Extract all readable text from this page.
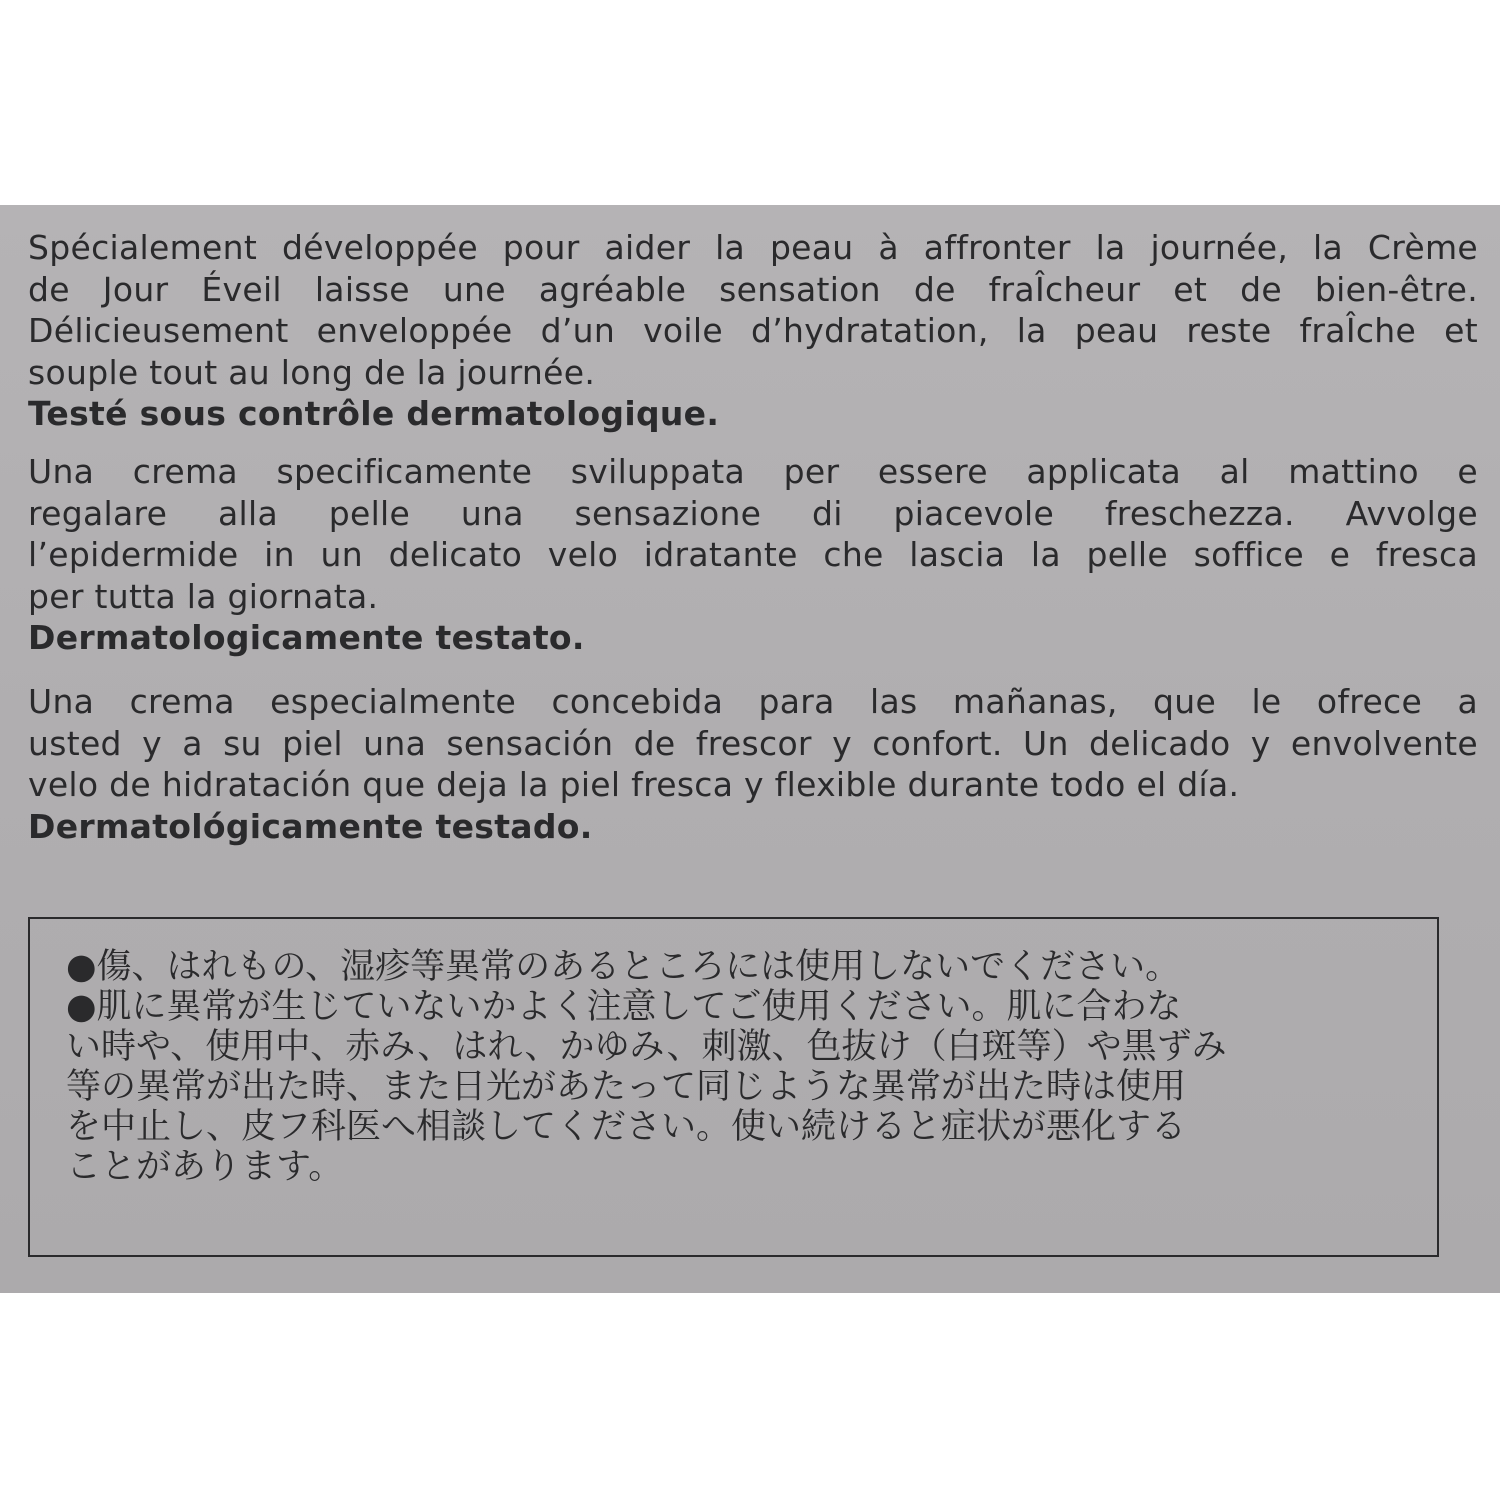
Spécialement développée pour aider la peau à affronter la journée, la Crème
de Jour Éveil laisse une agréable sensation de fraÎcheur et de bien-être.
Délicieusement enveloppée d’un voile d’hydratation, la peau reste fraÎche et
souple tout au long de la journée.
Testé sous contrôle dermatologique.
Una crema specificamente sviluppata per essere applicata al mattino e
regalare alla pelle una sensazione di piacevole freschezza. Avvolge
l’epidermide in un delicato velo idratante che lascia la pelle soffice e fresca
per tutta la giornata.
Dermatologicamente testato.
Una crema especialmente concebida para las mañanas, que le ofrece a
usted y a su piel una sensación de frescor y confort. Un delicado y envolvente
velo de hidratación que deja la piel fresca y flexible durante todo el día.
Dermatológicamente testado.
●傷、はれもの、湿疹等異常のあるところには使用しないでください。
●肌に異常が生じていないかよく注意してご使用ください。肌に合わな
い時や、使用中、赤み、はれ、かゆみ、刺激、色抜け（白斑等）や黒ずみ
等の異常が出た時、また日光があたって同じような異常が出た時は使用
を中止し、皮フ科医へ相談してください。使い続けると症状が悪化する
ことがあります。
